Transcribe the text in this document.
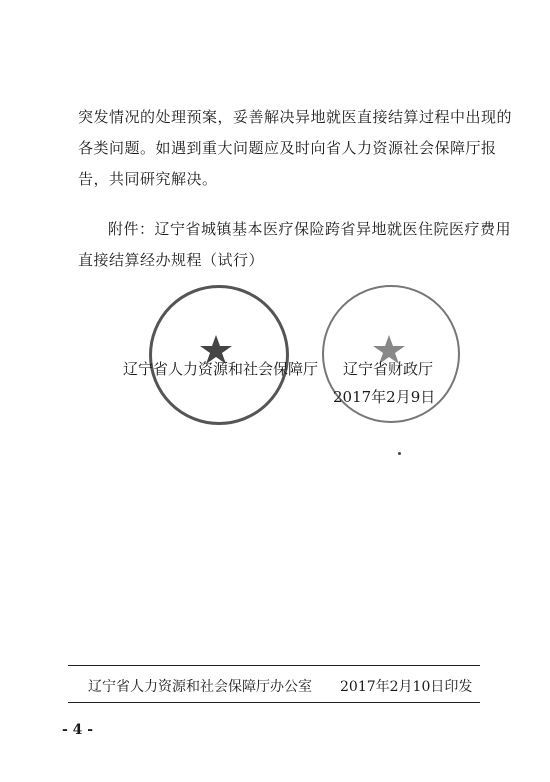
突发情况的处理预案，妥善解决异地就医直接结算过程中出现的
各类问题。如遇到重大问题应及时向省人力资源社会保障厅报
告，共同研究解决。
附件：辽宁省城镇基本医疗保险跨省异地就医住院医疗费用
直接结算经办规程（试行）
辽宁省人力资源和社会保障厅 辽宁省财政厅
2017年2月9日
辽宁省人力资源和社会保障厅办公室 2017年2月10日印发
- 4 -
